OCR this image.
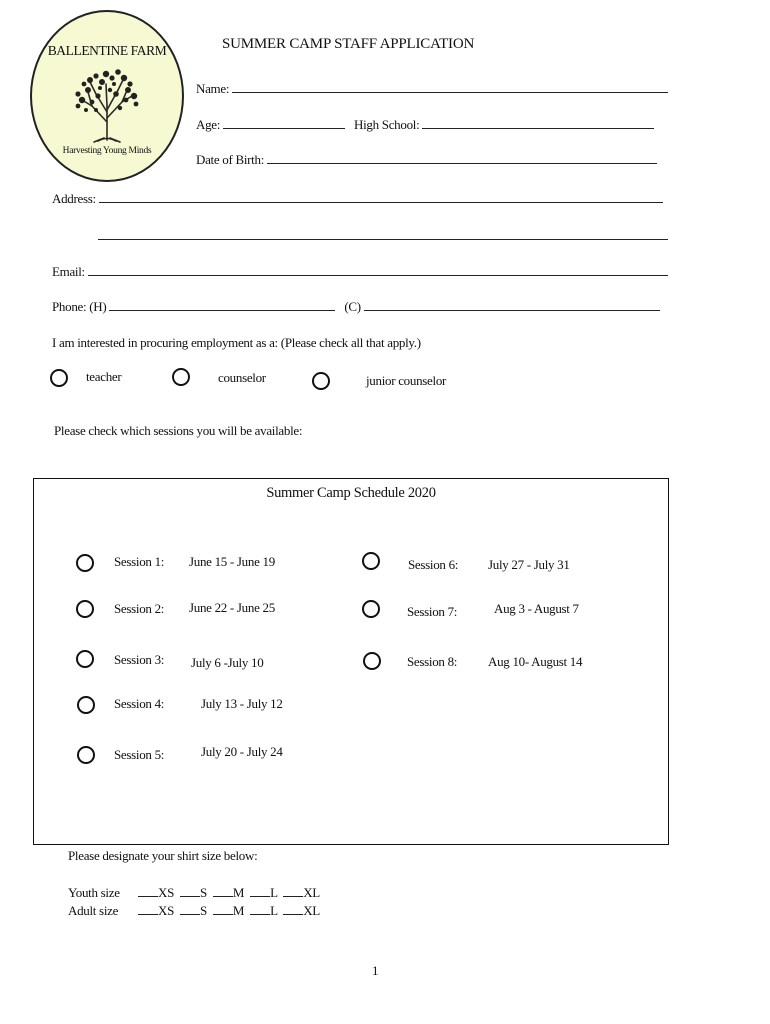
BALLENTINE FARM
Harvesting Young Minds
SUMMER CAMP STAFF APPLICATION
Name:
Age:	High School:
Date of Birth:
Address:
Email:
Phone: (H)	(C)
I am interested in procuring employment as a: (Please check all that apply.)
teacher	counselor	junior counselor
Please check which sessions you will be available:
Summer Camp Schedule 2020
Session 1: June 15 - June 19
Session 2: June 22 - June 25
Session 3: July 6 -July 10
Session 4:	July 13 - July 12
Session 5:	July 20 - July 24
Session 6: July 27 - July 31
Session 7:	Aug 3 - August 7
Session 8: Aug 10- August 14
Please designate your shirt size below:
Youth size	XS S M L XL
Adult size	XS S M L XL
1
